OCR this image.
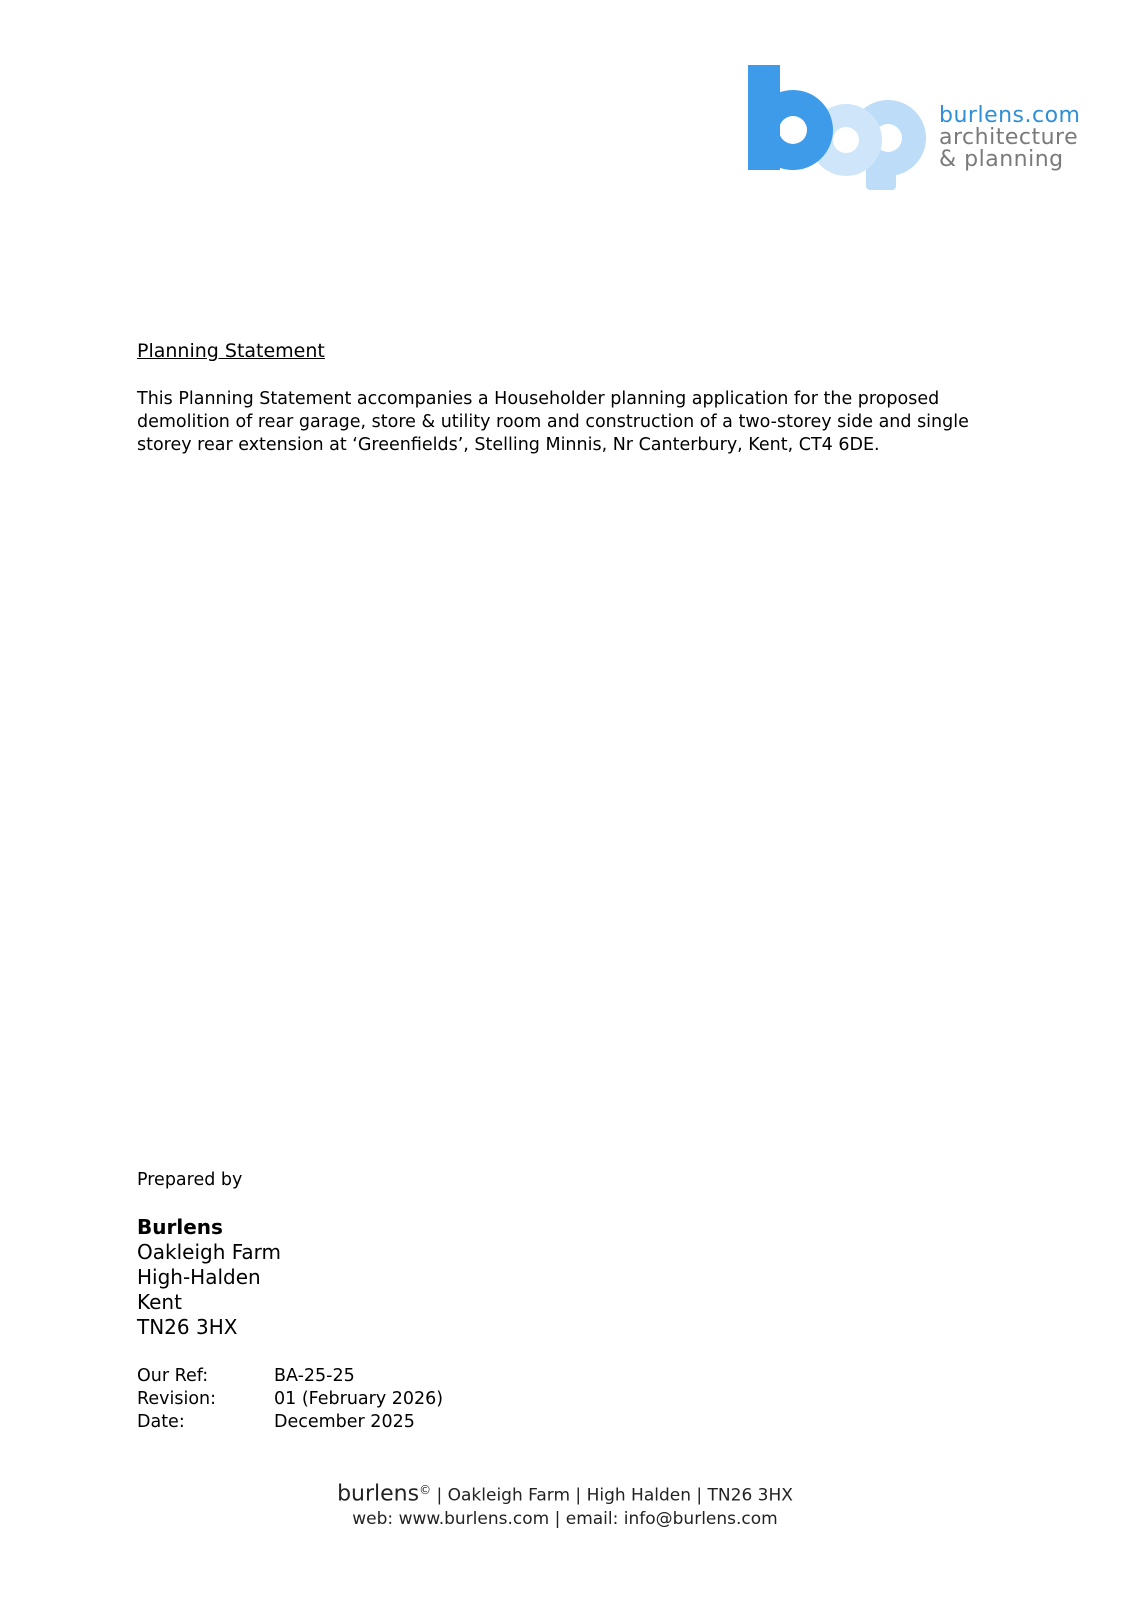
burlens.com
architecture
& planning
Planning Statement
This Planning Statement accompanies a Householder planning application for the proposed demolition of rear garage, store & utility room and construction of a two-storey side and single storey rear extension at ‘Greenfields’, Stelling Minnis, Nr Canterbury, Kent, CT4 6DE.
Prepared by
Burlens
Oakleigh Farm
High-Halden
Kent
TN26 3HX
Our Ref:	BA-25-25
Revision:	01 (February 2026)
Date:	December 2025
burlens© | Oakleigh Farm | High Halden | TN26 3HX
web: www.burlens.com | email: info@burlens.com
